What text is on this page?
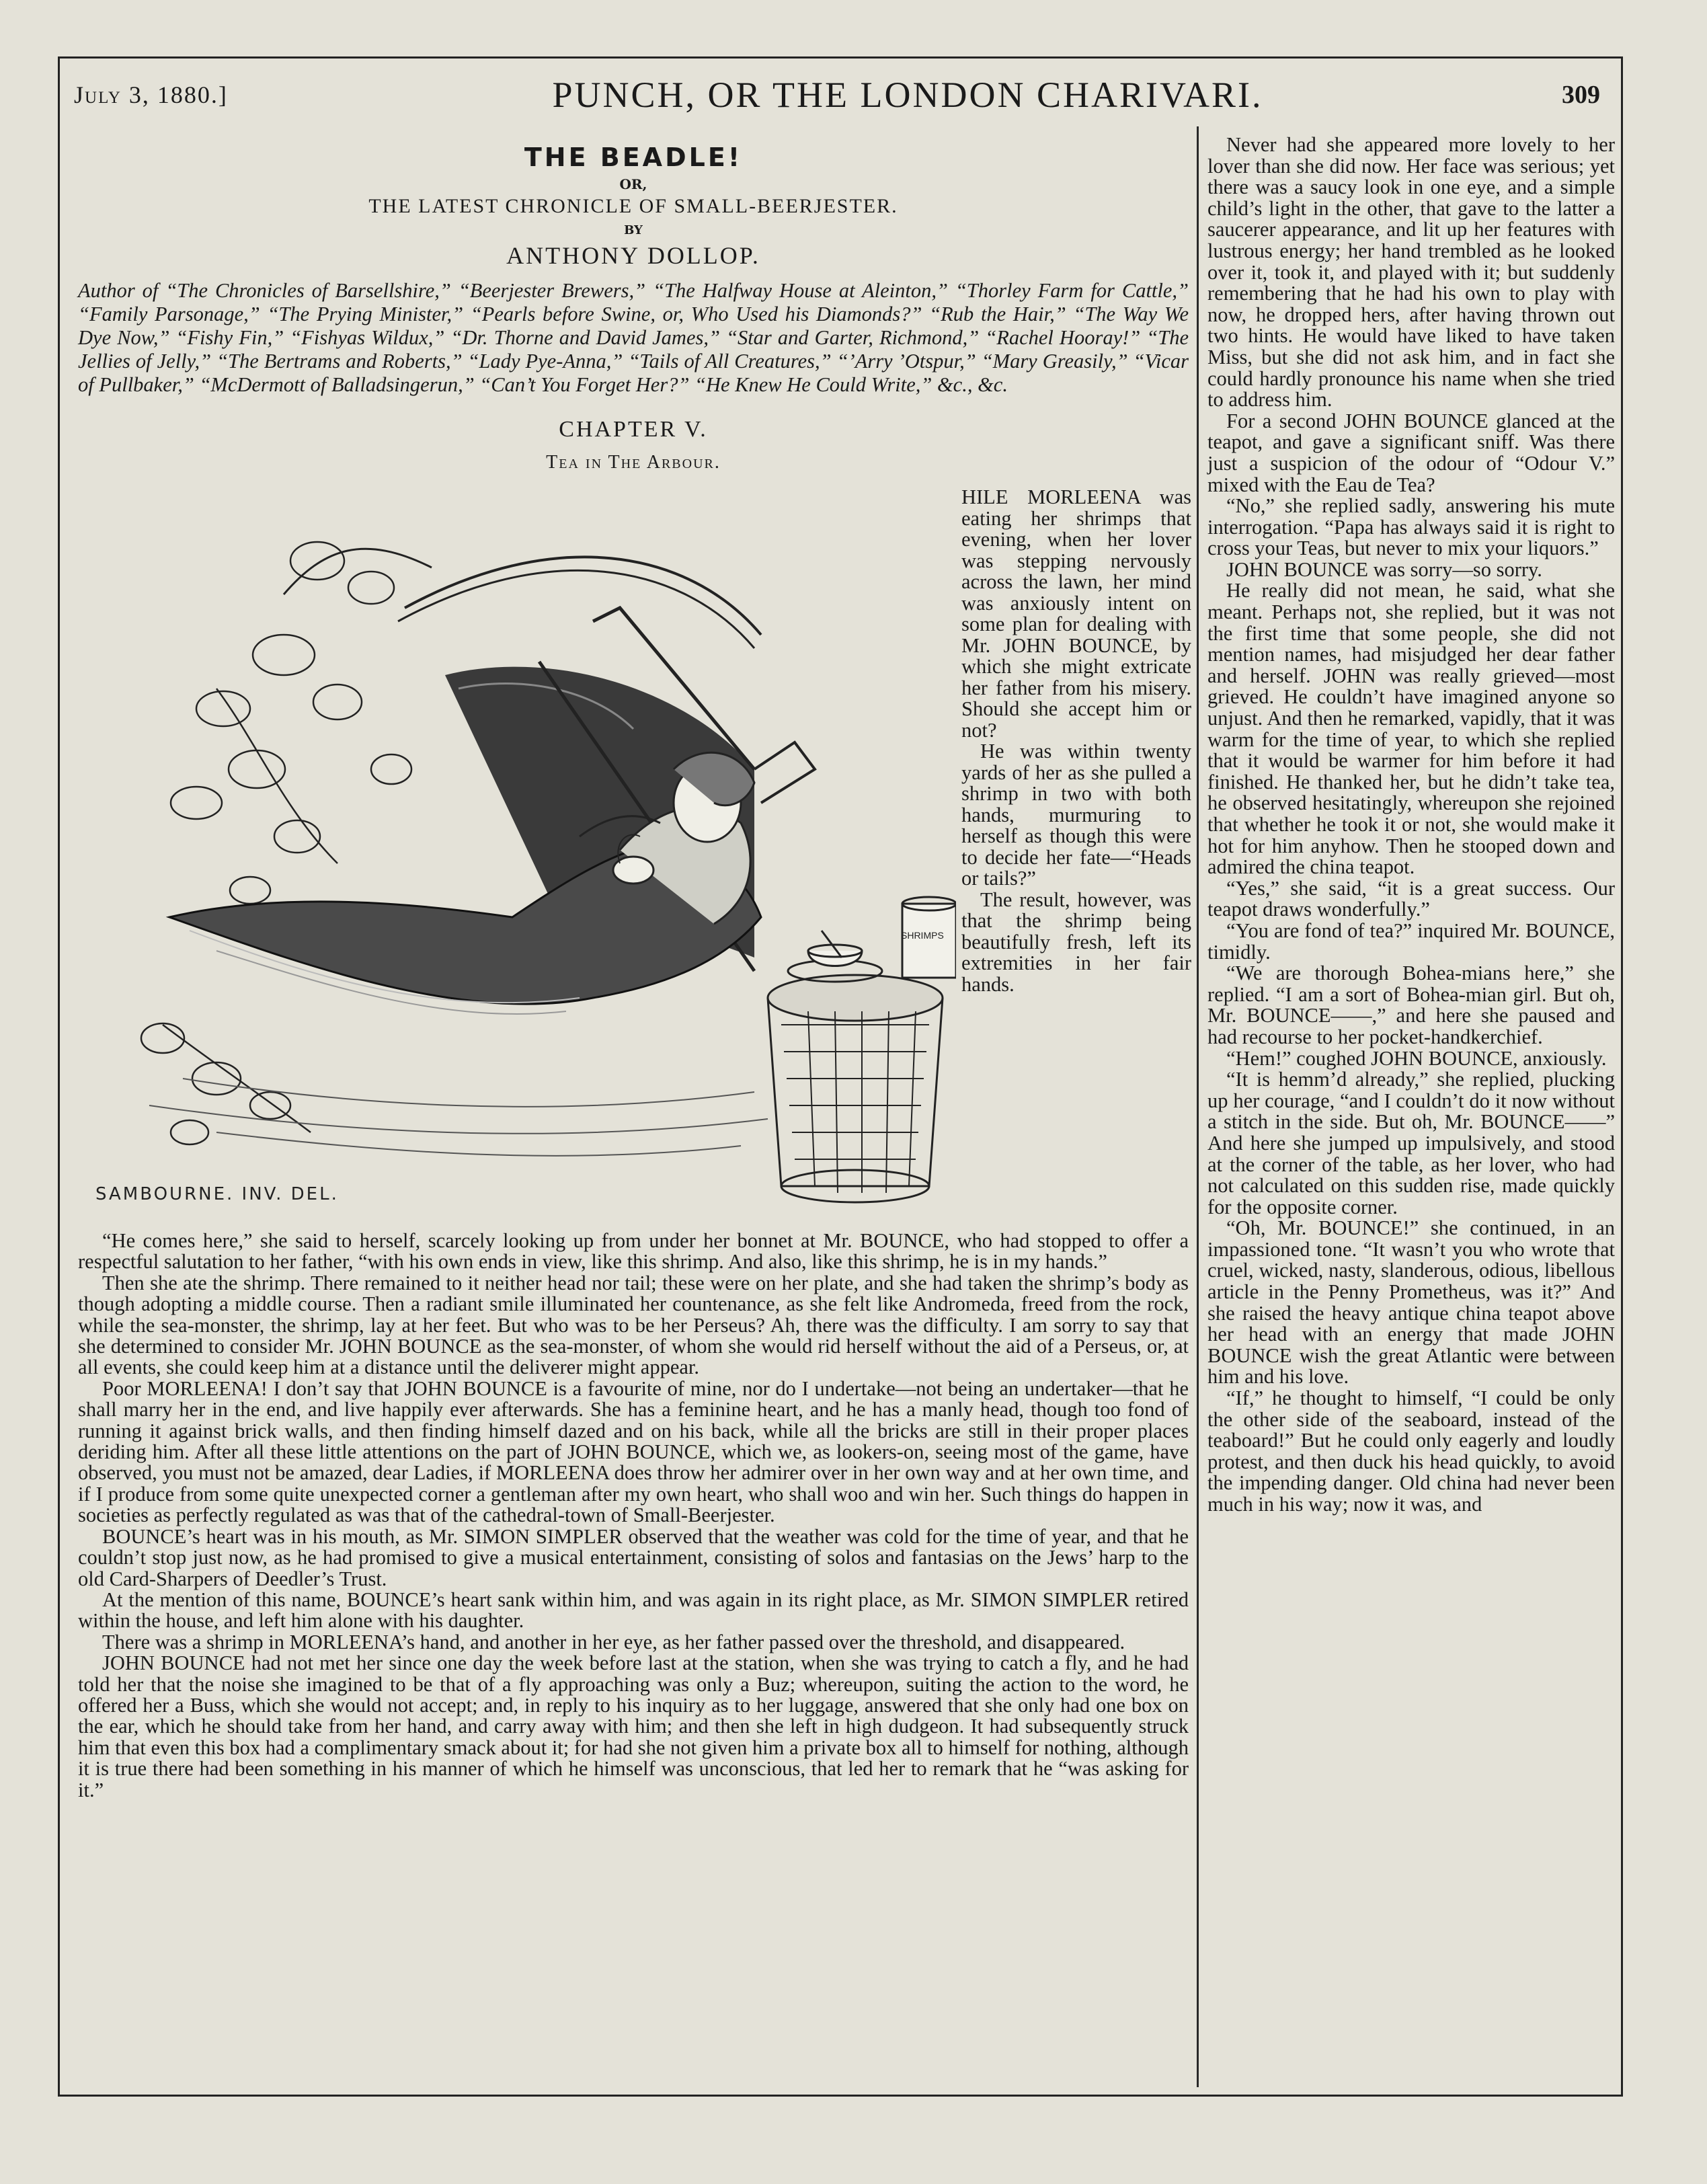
July 3, 1880.]	PUNCH, OR THE LONDON CHARIVARI.	309
THE BEADLE!
OR,
THE LATEST CHRONICLE OF SMALL-BEERJESTER.
BY
ANTHONY DOLLOP.
Author of “The Chronicles of Barsellshire,” “Beerjester Brewers,” “The Halfway House at Aleinton,” “Thorley Farm for Cattle,” “Family Parsonage,” “The Prying Minister,” “Pearls before Swine, or, Who Used his Diamonds?” “Rub the Hair,” “The Way We Dye Now,” “Fishy Fin,” “Fishyas Wildux,” “Dr. Thorne and David James,” “Star and Garter, Richmond,” “Rachel Hooray!” “The Jellies of Jelly,” “The Bertrams and Roberts,” “Lady Pye-Anna,” “Tails of All Creatures,” “’Arry ’Otspur,” “Mary Greasily,” “Vicar of Pullbaker,” “McDermott of Balladsingerun,” “Can’t You Forget Her?” “He Knew He Could Write,” &c., &c.
CHAPTER V.
Tea in The Arbour.
SHRIMPS
SAMBOURNE. INV. DEL.

HILE MORLEENA was eating her shrimps that evening, when her lover was stepping nervously across the lawn, her mind was anxiously intent on some plan for dealing with Mr. JOHN BOUNCE, by which she might extricate her father from his misery. Should she accept him or not?

He was within twenty yards of her as she pulled a shrimp in two with both hands, murmuring to herself as though this were to decide her fate—“Heads or tails?”

The result, however, was that the shrimp being beautifully fresh, left its extremities in her fair hands.

“He comes here,” she said to herself, scarcely looking up from under her bonnet at Mr. BOUNCE, who had stopped to offer a respectful salutation to her father, “with his own ends in view, like this shrimp. And also, like this shrimp, he is in my hands.”

Then she ate the shrimp. There remained to it neither head nor tail; these were on her plate, and she had taken the shrimp’s body as though adopting a middle course. Then a radiant smile illuminated her countenance, as she felt like Andromeda, freed from the rock, while the sea-monster, the shrimp, lay at her feet. But who was to be her Perseus? Ah, there was the difficulty. I am sorry to say that she determined to consider Mr. JOHN BOUNCE as the sea-monster, of whom she would rid herself without the aid of a Perseus, or, at all events, she could keep him at a distance until the deliverer might appear.

Poor MORLEENA! I don’t say that JOHN BOUNCE is a favourite of mine, nor do I undertake—not being an undertaker—that he shall marry her in the end, and live happily ever afterwards. She has a feminine heart, and he has a manly head, though too fond of running it against brick walls, and then finding himself dazed and on his back, while all the bricks are still in their proper places deriding him. After all these little attentions on the part of JOHN BOUNCE, which we, as lookers-on, seeing most of the game, have observed, you must not be amazed, dear Ladies, if MORLEENA does throw her admirer over in her own way and at her own time, and if I produce from some quite unexpected corner a gentleman after my own heart, who shall woo and win her. Such things do happen in societies as perfectly regulated as was that of the cathedral-town of Small-Beerjester.

BOUNCE’s heart was in his mouth, as Mr. SIMON SIMPLER observed that the weather was cold for the time of year, and that he couldn’t stop just now, as he had promised to give a musical entertainment, consisting of solos and fantasias on the Jews’ harp to the old Card-Sharpers of Deedler’s Trust.

At the mention of this name, BOUNCE’s heart sank within him, and was again in its right place, as Mr. SIMON SIMPLER retired within the house, and left him alone with his daughter.

There was a shrimp in MORLEENA’s hand, and another in her eye, as her father passed over the threshold, and disappeared.

JOHN BOUNCE had not met her since one day the week before last at the station, when she was trying to catch a fly, and he had told her that the noise she imagined to be that of a fly approaching was only a Buz; whereupon, suiting the action to the word, he offered her a Buss, which she would not accept; and, in reply to his inquiry as to her luggage, answered that she only had one box on the ear, which he should take from her hand, and carry away with him; and then she left in high dudgeon. It had subsequently struck him that even this box had a complimentary smack about it; for had she not given him a private box all to himself for nothing, although it is true there had been something in his manner of which he himself was unconscious, that led her to remark that he “was asking for it.”

Never had she appeared more lovely to her lover than she did now. Her face was serious; yet there was a saucy look in one eye, and a simple child’s light in the other, that gave to the latter a saucerer appearance, and lit up her features with lustrous energy; her hand trembled as he looked over it, took it, and played with it; but suddenly remembering that he had his own to play with now, he dropped hers, after having thrown out two hints. He would have liked to have taken Miss, but she did not ask him, and in fact she could hardly pronounce his name when she tried to address him.

For a second JOHN BOUNCE glanced at the teapot, and gave a significant sniff. Was there just a suspicion of the odour of “Odour V.” mixed with the Eau de Tea?

“No,” she replied sadly, answering his mute interrogation. “Papa has always said it is right to cross your Teas, but never to mix your liquors.”

JOHN BOUNCE was sorry—so sorry.

He really did not mean, he said, what she meant. Perhaps not, she replied, but it was not the first time that some people, she did not mention names, had misjudged her dear father and herself. JOHN was really grieved—most grieved. He couldn’t have imagined anyone so unjust. And then he remarked, vapidly, that it was warm for the time of year, to which she replied that it would be warmer for him before it had finished. He thanked her, but he didn’t take tea, he observed hesitatingly, whereupon she rejoined that whether he took it or not, she would make it hot for him anyhow. Then he stooped down and admired the china teapot.

“Yes,” she said, “it is a great success. Our teapot draws wonderfully.”

“You are fond of tea?” inquired Mr. BOUNCE, timidly.

“We are thorough Bohea-mians here,” she replied. “I am a sort of Bohea-mian girl. But oh, Mr. BOUNCE——,” and here she paused and had recourse to her pocket-handkerchief.

“Hem!” coughed JOHN BOUNCE, anxiously.

“It is hemm’d already,” she replied, plucking up her courage, “and I couldn’t do it now without a stitch in the side. But oh, Mr. BOUNCE——” And here she jumped up impulsively, and stood at the corner of the table, as her lover, who had not calculated on this sudden rise, made quickly for the opposite corner.

“Oh, Mr. BOUNCE!” she continued, in an impassioned tone. “It wasn’t you who wrote that cruel, wicked, nasty, slanderous, odious, libellous article in the Penny Prometheus, was it?” And she raised the heavy antique china teapot above her head with an energy that made JOHN BOUNCE wish the great Atlantic were between him and his love.

“If,” he thought to himself, “I could be only the other side of the seaboard, instead of the teaboard!” But he could only eagerly and loudly protest, and then duck his head quickly, to avoid the impending danger. Old china had never been much in his way; now it was, and
